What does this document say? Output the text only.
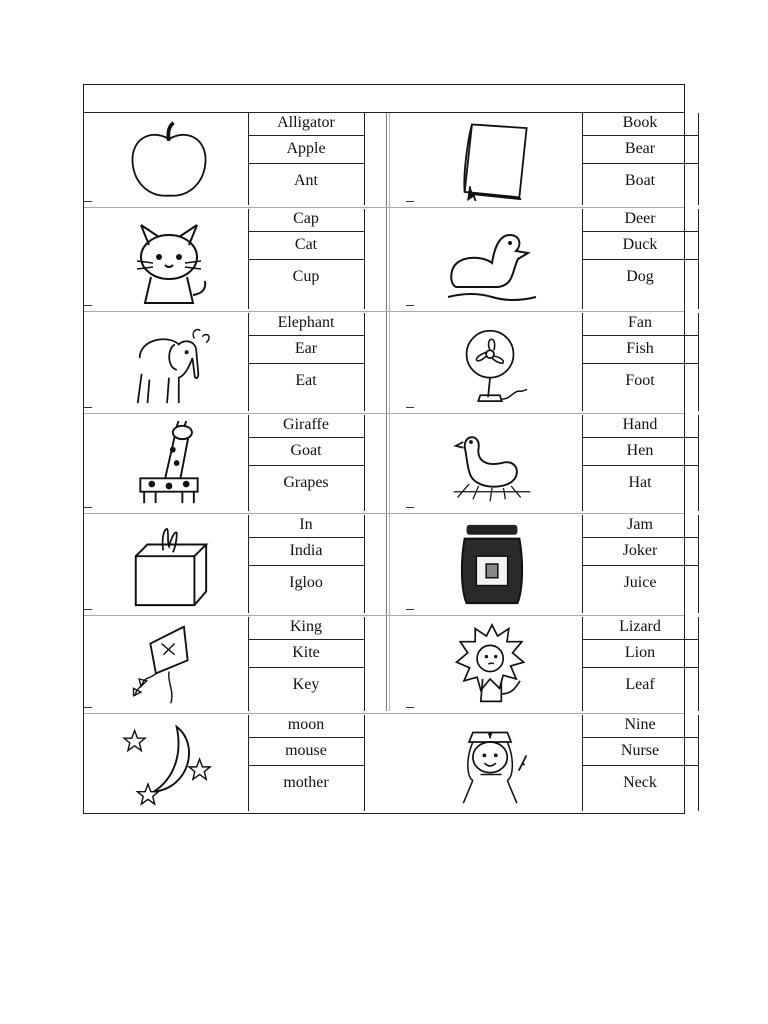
Alligator
Apple
Ant
Book
Bear
Boat
Cap
Cat
Cup
Deer
Duck
Dog
Elephant
Ear
Eat
Fan
Fish
Foot
Giraffe
Goat
Grapes
Hand
Hen
Hat
In
India
Igloo
Jam
Joker
Juice
King
Kite
Key
Lizard
Lion
Leaf
moon
mouse
mother
Nine
Nurse
Neck
